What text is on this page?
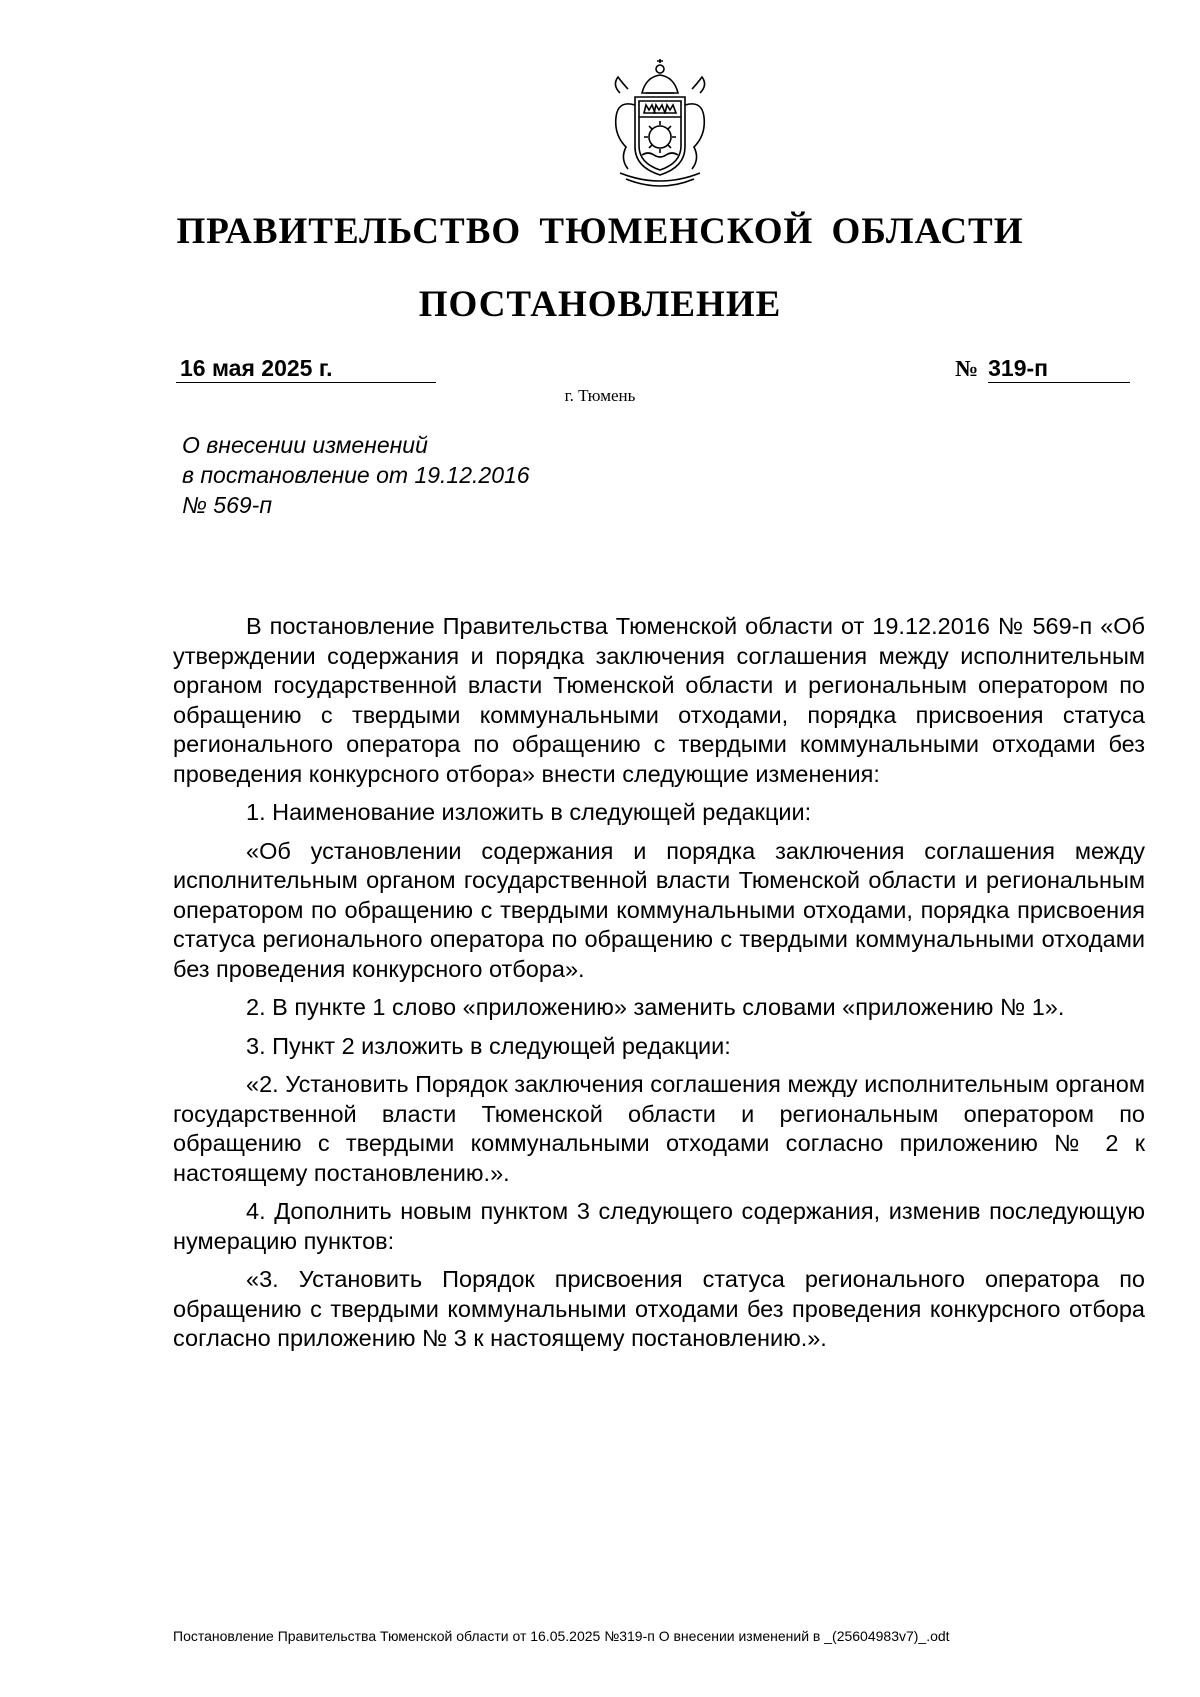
ПРАВИТЕЛЬСТВО ТЮМЕНСКОЙ ОБЛАСТИ
ПОСТАНОВЛЕНИЕ
16 мая 2025 г.	№ 319-п
г. Тюмень
О внесении изменений
в постановление от 19.12.2016
№ 569-п

В постановление Правительства Тюменской области от 19.12.2016 № 569-п «Об утверждении содержания и порядка заключения соглашения между исполнительным органом государственной власти Тюменской области и региональным оператором по обращению с твердыми коммунальными отходами, порядка присвоения статуса регионального оператора по обращению с твердыми коммунальными отходами без проведения конкурсного отбора» внести следующие изменения:

1. Наименование изложить в следующей редакции:

«Об установлении содержания и порядка заключения соглашения между исполнительным органом государственной власти Тюменской области и региональным оператором по обращению с твердыми коммунальными отходами, порядка присвоения статуса регионального оператора по обращению с твердыми коммунальными отходами без проведения конкурсного отбора».

2. В пункте 1 слово «приложению» заменить словами «приложению № 1».

3. Пункт 2 изложить в следующей редакции:

«2. Установить Порядок заключения соглашения между исполнительным органом государственной власти Тюменской области и региональным оператором по обращению с твердыми коммунальными отходами согласно приложению № 2 к настоящему постановлению.».

4. Дополнить новым пунктом 3 следующего содержания, изменив последующую нумерацию пунктов:

«3. Установить Порядок присвоения статуса регионального оператора по обращению с твердыми коммунальными отходами без проведения конкурсного отбора согласно приложению № 3 к настоящему постановлению.».

Постановление Правительства Тюменской области от 16.05.2025 №319-п О внесении изменений в _(25604983v7)_.odt
